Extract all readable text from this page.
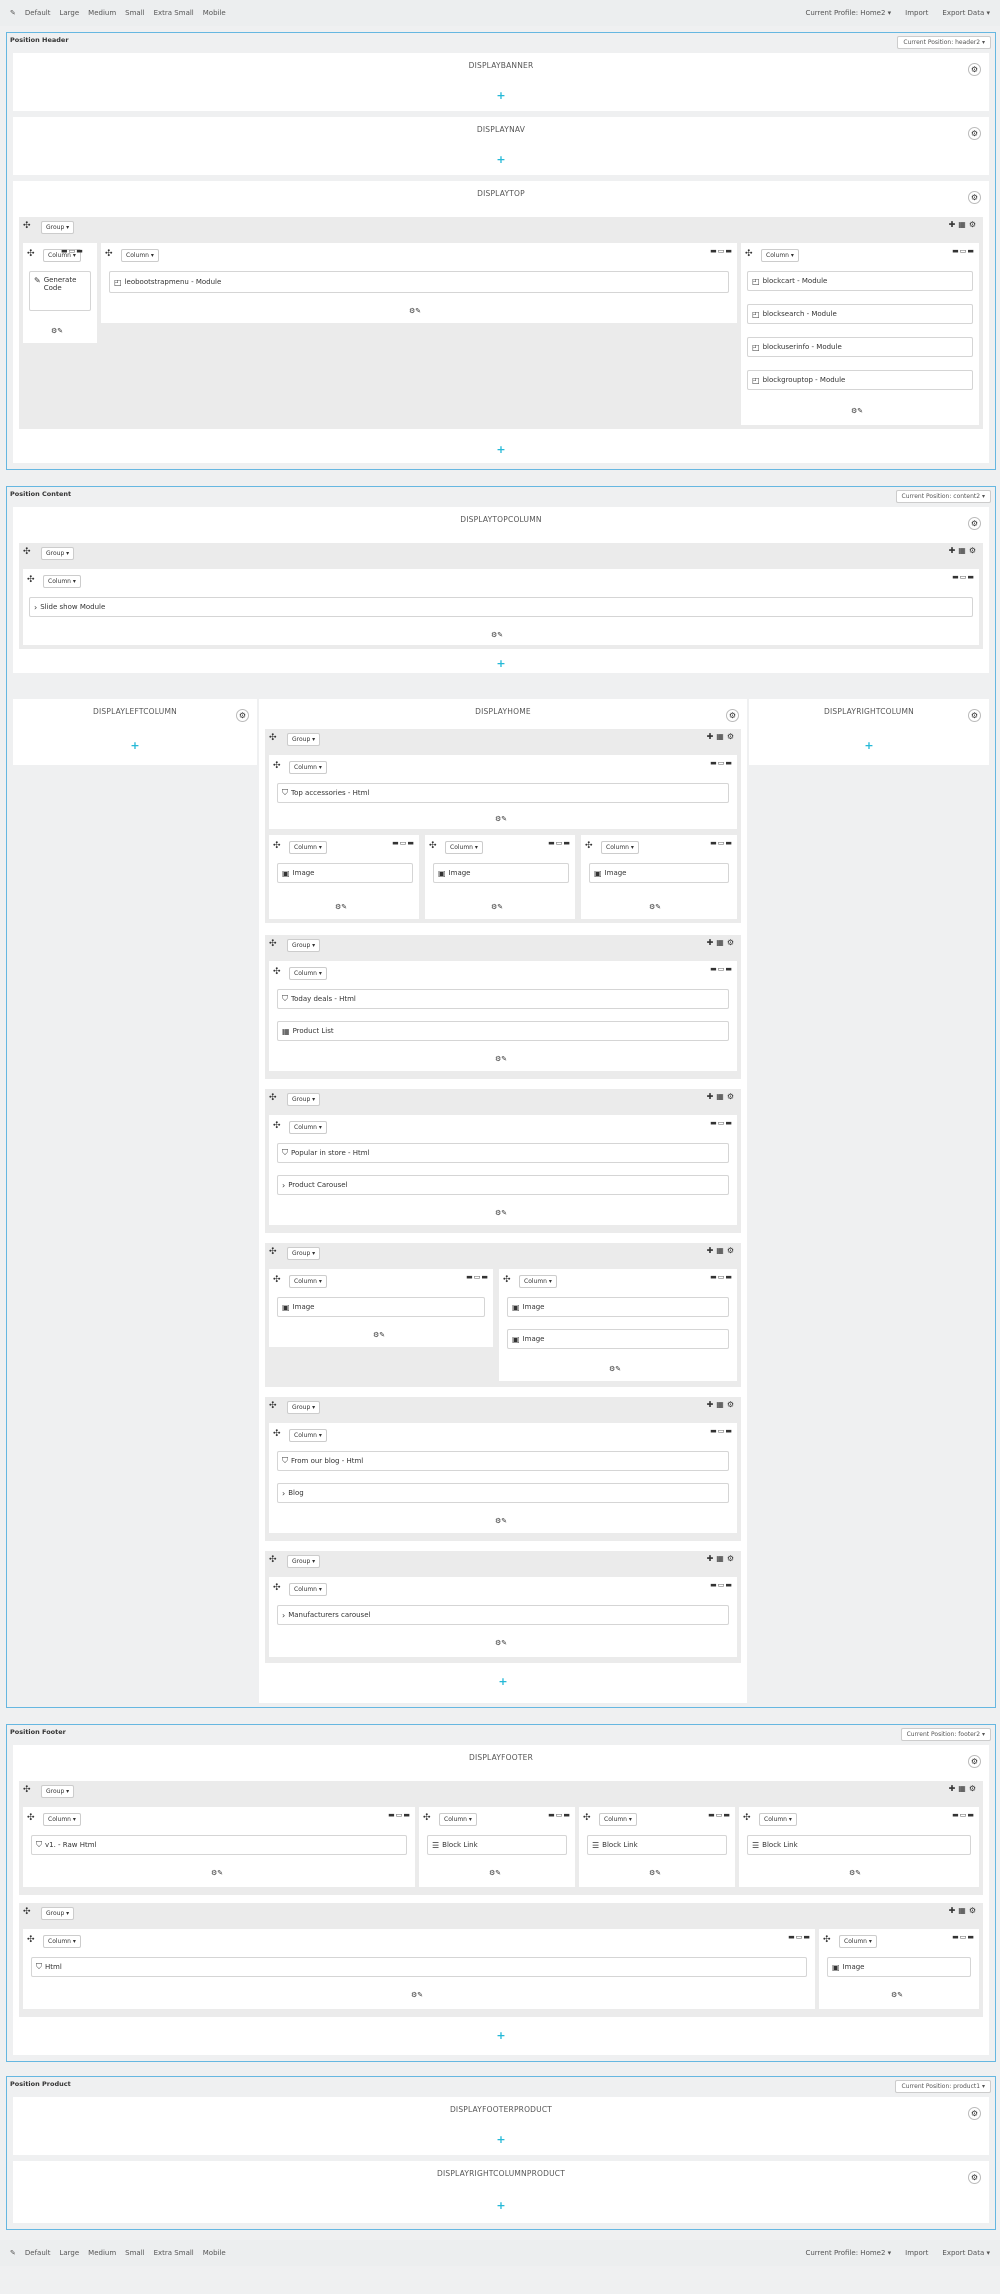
✎ Default Large Medium Small Extra Small Mobile	Current Profile: Home2 ▾ Import Export Data ▾
Position Header	Current Position: header2 ▾
DISPLAYBANNER	⚙
+
DISPLAYNAV	⚙
+
DISPLAYTOP	⚙
✣	Group ▾	✚▦⚙
✣	Column ▾
▬▭▬
✎ Generate Code
⚙✎
✣	Column ▾
▬▭▬
◰ leobootstrapmenu - Module
⚙✎
✣	Column ▾
▬▭▬
◰ blockcart - Module
◰ blocksearch - Module
◰ blockuserinfo - Module
◰ blockgrouptop - Module
⚙✎
+
Position Content	Current Position: content2 ▾
DISPLAYTOPCOLUMN	⚙
✣	Group ▾	✚▦⚙
✣	Column ▾
▬▭▬
› Slide show Module
⚙✎
+
DISPLAYLEFTCOLUMN	⚙
+
DISPLAYRIGHTCOLUMN	⚙
+
DISPLAYHOME	⚙
✣	Group ▾	✚▦⚙
✣	Column ▾
▬▭▬
⛉ Top accessories - Html
⚙✎
✣	Column ▾
▬▭▬
▣ Image
⚙✎
✣	Column ▾
▬▭▬
▣ Image
⚙✎
✣	Column ▾
▬▭▬
▣ Image
⚙✎
✣	Group ▾	✚▦⚙
✣	Column ▾
▬▭▬
⛉ Today deals - Html
▦ Product List
⚙✎
✣	Group ▾	✚▦⚙
✣	Column ▾
▬▭▬
⛉ Popular in store - Html
› Product Carousel
⚙✎
✣	Group ▾	✚▦⚙
✣	Column ▾
▬▭▬
▣ Image
⚙✎
✣	Column ▾
▬▭▬
▣ Image
▣ Image
⚙✎
✣	Group ▾	✚▦⚙
✣	Column ▾
▬▭▬
⛉ From our blog - Html
› Blog
⚙✎
✣	Group ▾	✚▦⚙
✣	Column ▾
▬▭▬
› Manufacturers carousel
⚙✎
+
Position Footer	Current Position: footer2 ▾
DISPLAYFOOTER	⚙
✣	Group ▾	✚▦⚙
✣	Column ▾
▬▭▬
⛉ v1. - Raw Html
⚙✎
✣	Column ▾
▬▭▬
☰ Block Link
⚙✎
✣	Column ▾
▬▭▬
☰ Block Link
⚙✎
✣	Column ▾
▬▭▬
☰ Block Link
⚙✎
✣	Group ▾	✚▦⚙
✣	Column ▾
▬▭▬
⛉ Html
⚙✎
✣	Column ▾
▬▭▬
▣ Image
⚙✎
+
Position Product	Current Position: product1 ▾
DISPLAYFOOTERPRODUCT	⚙
+
DISPLAYRIGHTCOLUMNPRODUCT	⚙
+
✎ Default Large Medium Small Extra Small Mobile	Current Profile: Home2 ▾ Import Export Data ▾
